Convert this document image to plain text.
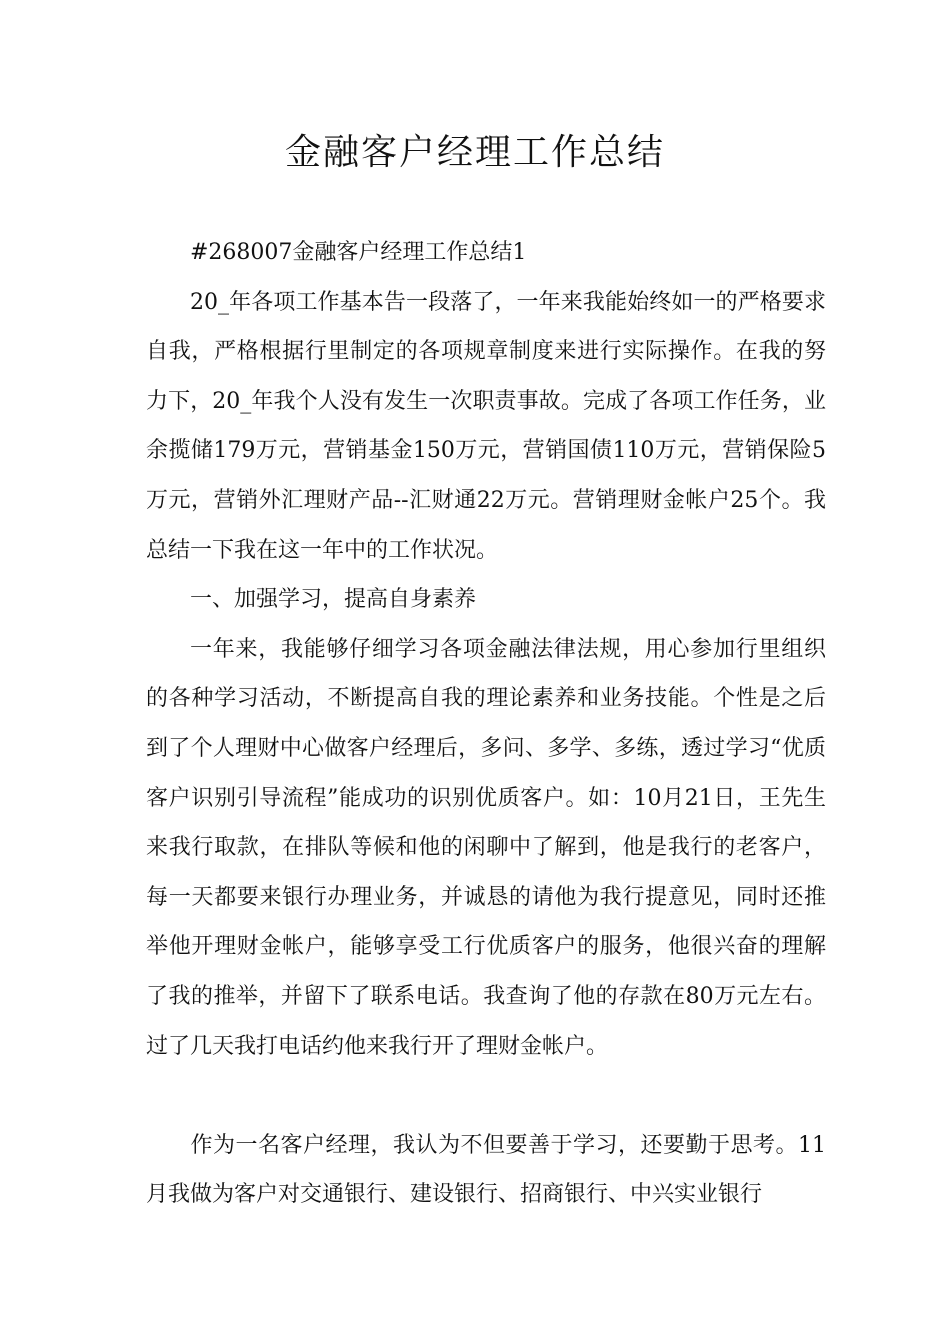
金融客户经理工作总结

#268007金融客户经理工作总结1

20_年各项工作基本告一段落了，一年来我能始终如一的严格要求自我，严格根据行里制定的各项规章制度来进行实际操作。在我的努力下，20_年我个人没有发生一次职责事故。完成了各项工作任务，业余揽储179万元，营销基金150万元，营销国债110万元，营销保险5万元，营销外汇理财产品--汇财通22万元。营销理财金帐户25个。我总结一下我在这一年中的工作状况。

一、加强学习，提高自身素养

一年来，我能够仔细学习各项金融法律法规，用心参加行里组织的各种学习活动，不断提高自我的理论素养和业务技能。个性是之后到了个人理财中心做客户经理后，多问、多学、多练，透过学习“优质客户识别引导流程”能成功的识别优质客户。如：10月21日，王先生来我行取款，在排队等候和他的闲聊中了解到，他是我行的老客户，每一天都要来银行办理业务，并诚恳的请他为我行提意见，同时还推举他开理财金帐户，能够享受工行优质客户的服务，他很兴奋的理解了我的推举，并留下了联系电话。我查询了他的存款在80万元左右。过了几天我打电话约他来我行开了理财金帐户。

作为一名客户经理，我认为不但要善于学习，还要勤于思考。11月我做为客户对交通银行、建设银行、招商银行、中兴实业银行
